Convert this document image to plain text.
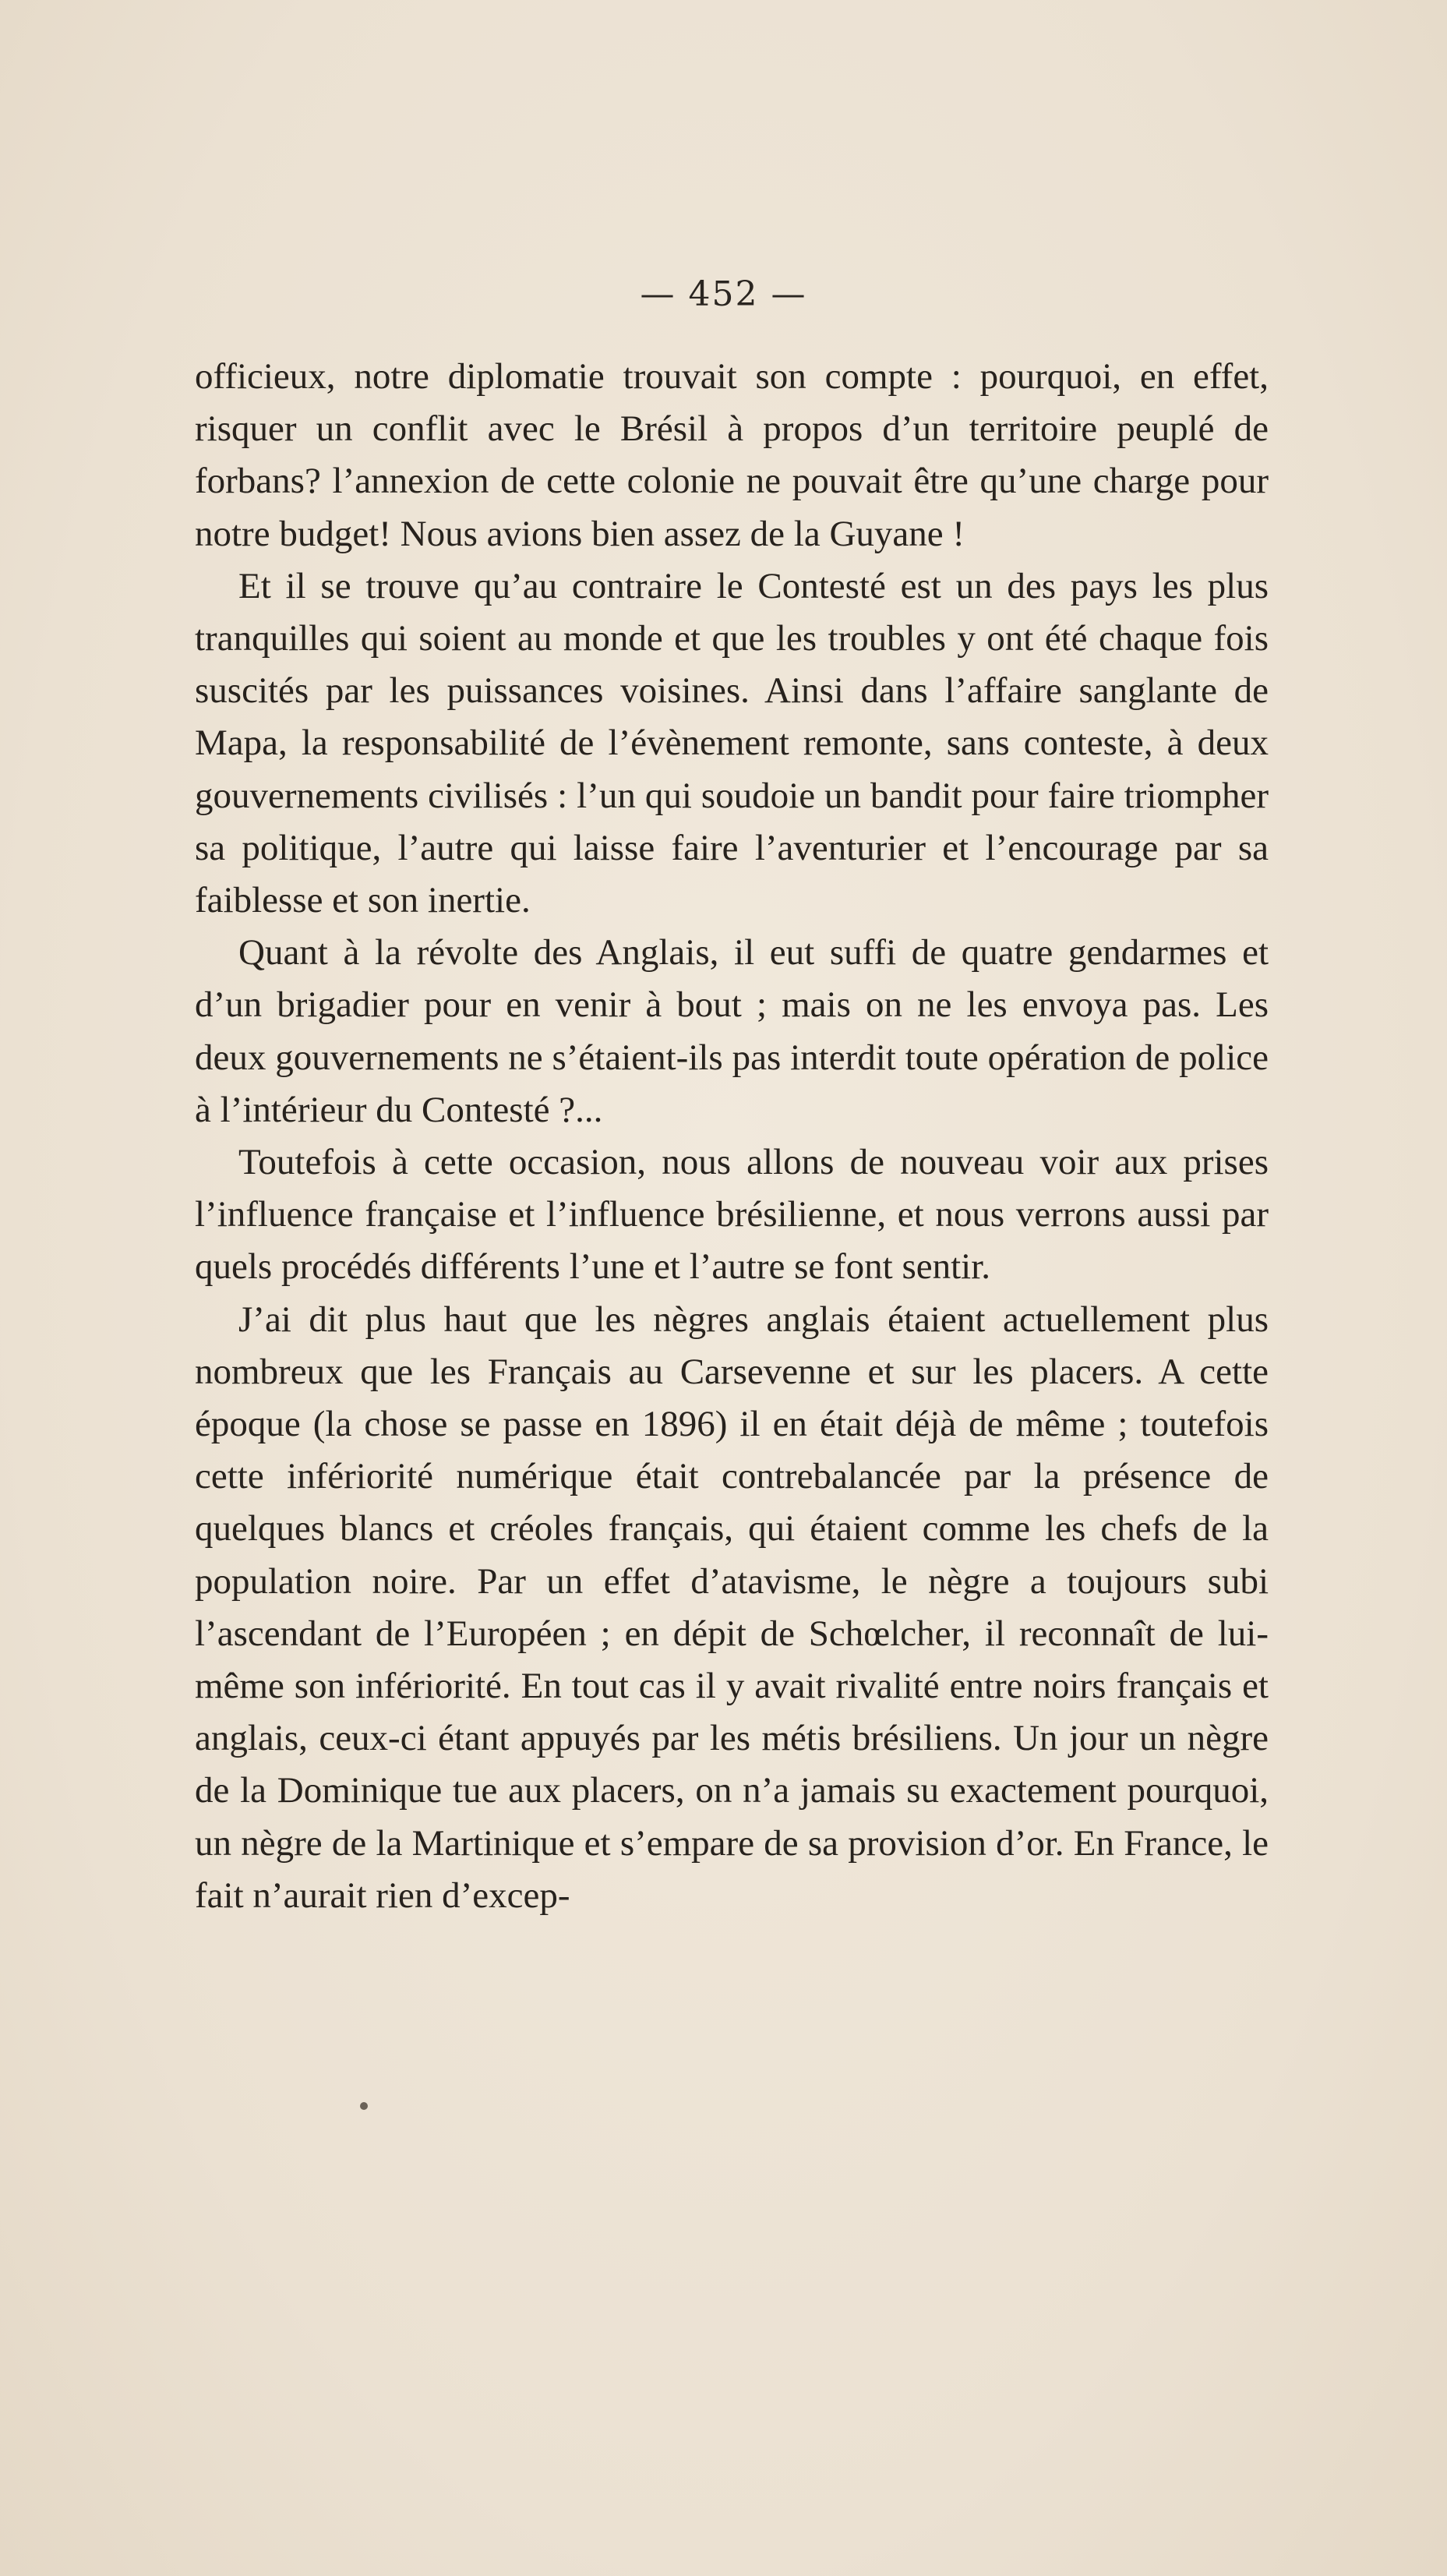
— 452 —

officieux, notre diplomatie trouvait son compte : pourquoi, en effet, risquer un conflit avec le Brésil à propos d’un territoire peuplé de forbans? l’annexion de cette colonie ne pouvait être qu’une charge pour notre budget! Nous avions bien assez de la Guyane !

Et il se trouve qu’au contraire le Contesté est un des pays les plus tranquilles qui soient au monde et que les troubles y ont été chaque fois suscités par les puissances voisines. Ainsi dans l’affaire sanglante de Mapa, la responsabilité de l’évènement remonte, sans conteste, à deux gouvernements civilisés : l’un qui soudoie un bandit pour faire triompher sa politique, l’autre qui laisse faire l’aventurier et l’encourage par sa faiblesse et son inertie.

Quant à la révolte des Anglais, il eut suffi de quatre gendarmes et d’un brigadier pour en venir à bout ; mais on ne les envoya pas. Les deux gouvernements ne s’étaient-ils pas interdit toute opération de police à l’intérieur du Contesté ?...

Toutefois à cette occasion, nous allons de nouveau voir aux prises l’influence française et l’influence brésilienne, et nous verrons aussi par quels procédés différents l’une et l’autre se font sentir.

J’ai dit plus haut que les nègres anglais étaient actuellement plus nombreux que les Français au Carsevenne et sur les placers. A cette époque (la chose se passe en 1896) il en était déjà de même ; toutefois cette infériorité numérique était contrebalancée par la présence de quelques blancs et créoles français, qui étaient comme les chefs de la population noire. Par un effet d’atavisme, le nègre a toujours subi l’ascendant de l’Européen ; en dépit de Schœlcher, il reconnaît de lui-même son infériorité. En tout cas il y avait rivalité entre noirs français et anglais, ceux-ci étant appuyés par les métis brésiliens. Un jour un nègre de la Dominique tue aux placers, on n’a jamais su exactement pourquoi, un nègre de la Martinique et s’empare de sa provision d’or. En France, le fait n’aurait rien d’excep-
